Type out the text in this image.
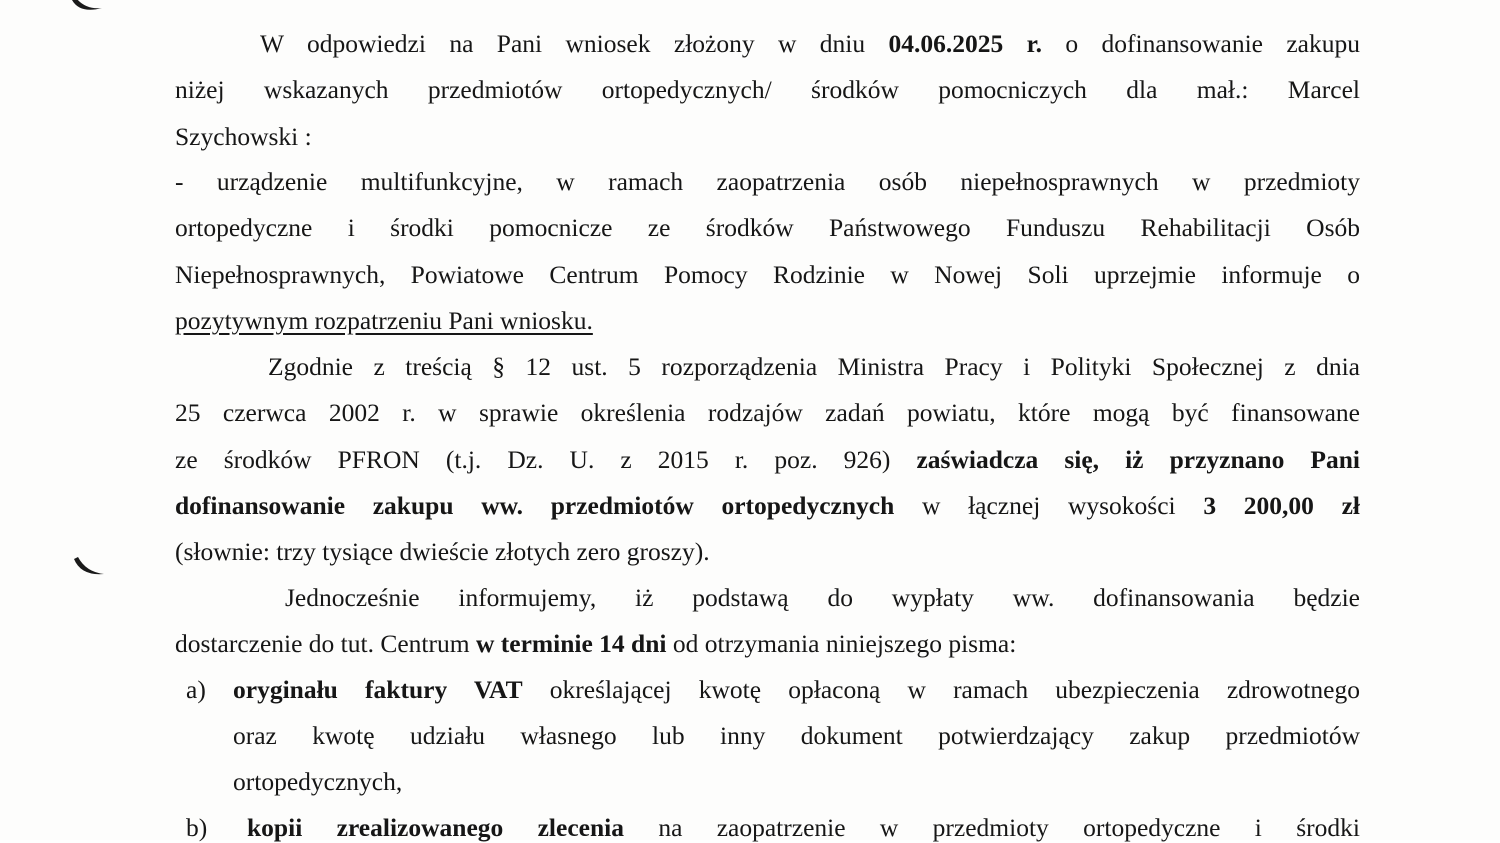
W odpowiedzi na Pani wniosek złożony w dniu 04.06.2025 r. o dofinansowanie zakupu
niżej wskazanych przedmiotów ortopedycznych/ środków pomocniczych dla mał.: Marcel
Szychowski :
- urządzenie multifunkcyjne, w ramach zaopatrzenia osób niepełnosprawnych w przedmioty
ortopedyczne i środki pomocnicze ze środków Państwowego Funduszu Rehabilitacji Osób
Niepełnosprawnych, Powiatowe Centrum Pomocy Rodzinie w Nowej Soli uprzejmie informuje o
pozytywnym rozpatrzeniu Pani wniosku.
Zgodnie z treścią § 12 ust. 5 rozporządzenia Ministra Pracy i Polityki Społecznej z dnia
25 czerwca 2002 r. w sprawie określenia rodzajów zadań powiatu, które mogą być finansowane
ze środków PFRON (t.j. Dz. U. z 2015 r. poz. 926) zaświadcza się, iż przyznano Pani
dofinansowanie zakupu ww. przedmiotów ortopedycznych w łącznej wysokości 3 200,00 zł
(słownie: trzy tysiące dwieście złotych zero groszy).
Jednocześnie informujemy, iż podstawą do wypłaty ww. dofinansowania będzie
dostarczenie do tut. Centrum w terminie 14 dni od otrzymania niniejszego pisma:
a) oryginału faktury VAT określającej kwotę opłaconą w ramach ubezpieczenia zdrowotnego
oraz kwotę udziału własnego lub inny dokument potwierdzający zakup przedmiotów
ortopedycznych,
b) kopii zrealizowanego zlecenia na zaopatrzenie w przedmioty ortopedyczne i środki
